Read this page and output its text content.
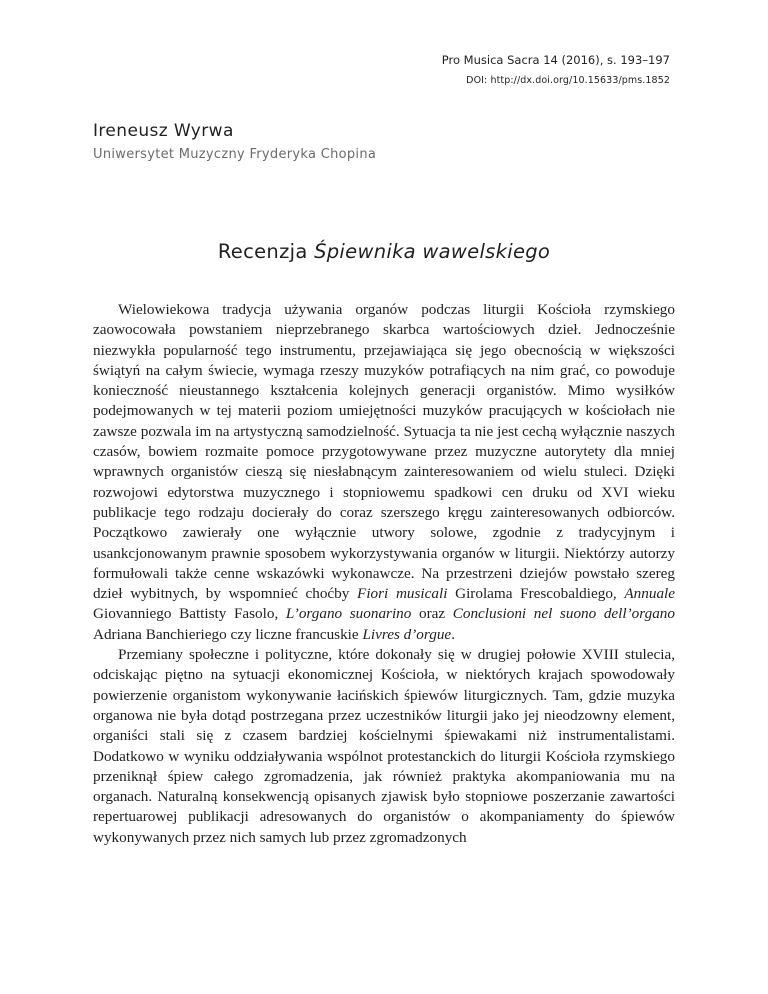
Pro Musica Sacra 14 (2016), s. 193–197
DOI: http://dx.doi.org/10.15633/pms.1852
Ireneusz Wyrwa
Uniwersytet Muzyczny Fryderyka Chopina
Recenzja Śpiewnika wawelskiego

Wielowiekowa tradycja używania organów podczas liturgii Kościoła rzymskiego zaowocowała powstaniem nieprzebranego skarbca wartościowych dzieł. Jednocześnie niezwykła popularność tego instrumentu, przejawiająca się jego obecnością w większości świątyń na całym świecie, wymaga rzeszy muzyków potrafiących na nim grać, co powoduje konieczność nieustannego kształcenia kolejnych generacji organistów. Mimo wysiłków podejmowanych w tej materii poziom umiejętności muzyków pracujących w kościołach nie zawsze pozwala im na artystyczną samodzielność. Sytuacja ta nie jest cechą wyłącznie naszych czasów, bowiem rozmaite pomoce przygotowywane przez muzyczne autorytety dla mniej wprawnych organistów cieszą się niesłabnącym zainteresowaniem od wielu stuleci. Dzięki rozwojowi edytorstwa muzycznego i stopniowemu spadkowi cen druku od XVI wieku publikacje tego rodzaju docierały do coraz szerszego kręgu zainteresowanych odbiorców. Początkowo zawierały one wyłącznie utwory solowe, zgodnie z tradycyjnym i usankcjonowanym prawnie sposobem wykorzystywania organów w liturgii. Niektórzy autorzy formułowali także cenne wskazówki wykonawcze. Na przestrzeni dziejów powstało szereg dzieł wybitnych, by wspomnieć choćby Fiori musicali Girolama Frescobaldiego, Annuale Giovanniego Battisty Fasolo, L’organo suonarino oraz Conclusioni nel suono dell’organo Adriana Banchieriego czy liczne francuskie Livres d’orgue.

Przemiany społeczne i polityczne, które dokonały się w drugiej połowie XVIII stulecia, odciskając piętno na sytuacji ekonomicznej Kościoła, w niektórych krajach spowodowały powierzenie organistom wykonywanie łacińskich śpiewów liturgicznych. Tam, gdzie muzyka organowa nie była dotąd postrzegana przez uczestników liturgii jako jej nieodzowny element, organiści stali się z czasem bardziej kościelnymi śpiewakami niż instrumentalistami. Dodatkowo w wyniku oddziaływania wspólnot protestanckich do liturgii Kościoła rzymskiego przeniknął śpiew całego zgromadzenia, jak również praktyka akompaniowania mu na organach. Naturalną konsekwencją opisanych zjawisk było stopniowe poszerzanie zawartości repertuarowej publikacji adresowanych do organistów o akompaniamenty do śpiewów wykonywanych przez nich samych lub przez zgromadzonych
